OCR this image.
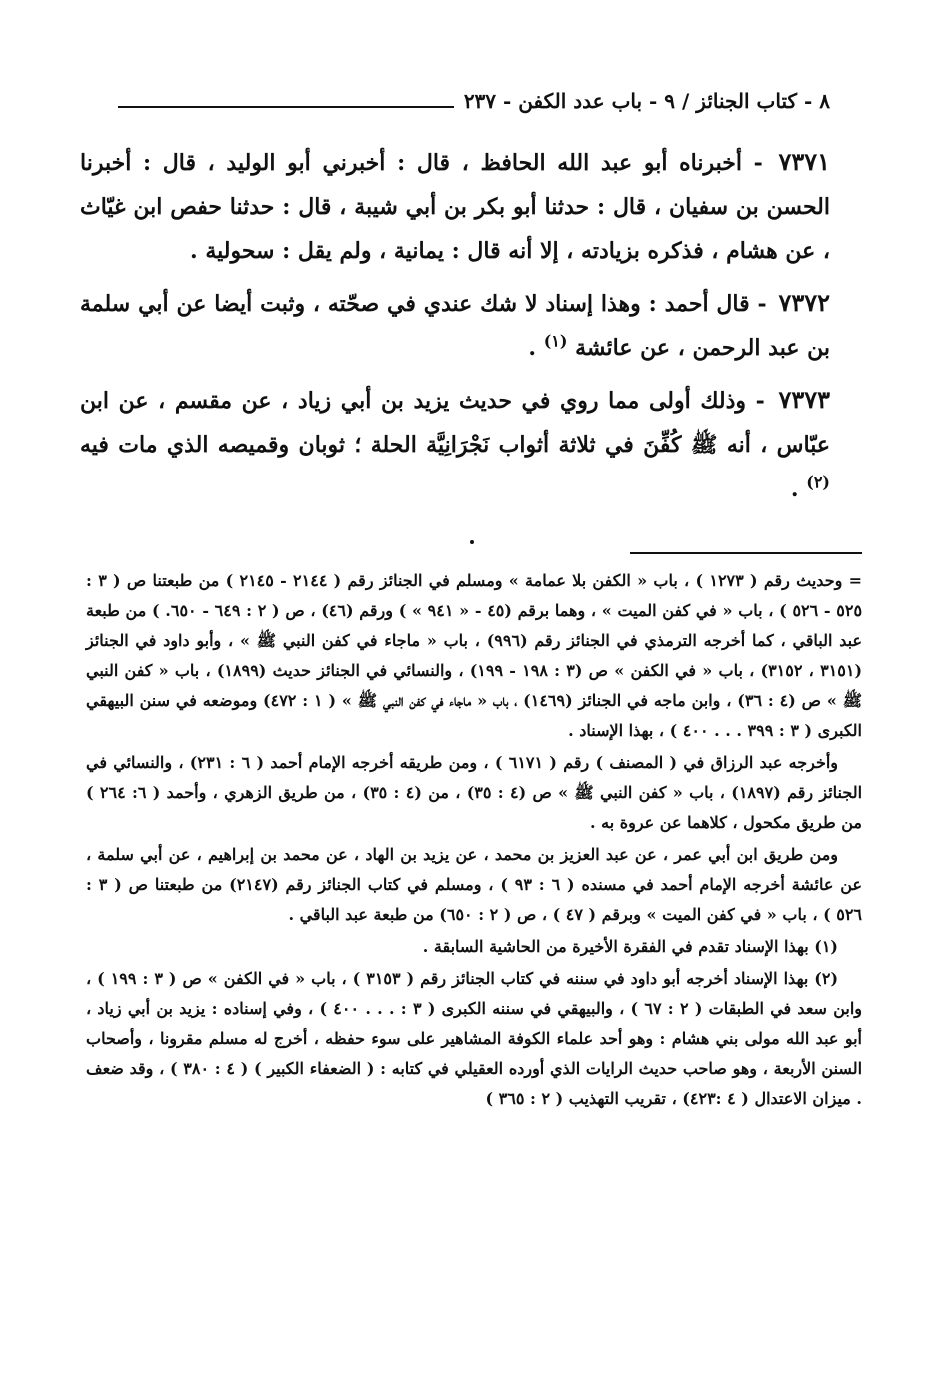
٨ - كتاب الجنائز / ٩ - باب عدد الكفن - ٢٣٧

٧٣٧١ - أخبرناه أبو عبد الله الحافظ ، قال : أخبرني أبو الوليد ، قال : أخبرنا الحسن بن سفيان ، قال : حدثنا أبو بكر بن أبي شيبة ، قال : حدثنا حفص ابن غيّاث ، عن هشام ، فذكره بزيادته ، إلا أنه قال : يمانية ، ولم يقل : سحولية .

٧٣٧٢ - قال أحمد : وهذا إسناد لا شك عندي في صحّته ، وثبت أيضا عن أبي سلمة بن عبد الرحمن ، عن عائشة $^{(١)}$ .

٧٣٧٣ - وذلك أولى مما روي في حديث يزيد بن أبي زياد ، عن مقسم ، عن ابن عبّاس ، أنه ﷺ كُفِّنَ في ثلاثة أثواب نَجْرَانِيَّة الحلة ؛ ثوبان وقميصه الذي مات فيه $^{(٢)}$ .

= وحديث رقم ( ١٢٧٣ ) ، باب « الكفن بلا عمامة » ومسلم في الجنائز رقم ( ٢١٤٤ - ٢١٤٥ ) من طبعتنا ص ( ٣ : ٥٢٥ - ٥٢٦ ) ، باب « في كفن الميت » ، وهما برقم (٤٥ - « ٩٤١ » ) ورقم (٤٦) ، ص ( ٢ : ٦٤٩ - ٦٥٠. ) من طبعة عبد الباقي ، كما أخرجه الترمذي في الجنائز رقم (٩٩٦) ، باب « ماجاء في كفن النبي ﷺ » ، وأبو داود في الجنائز (٣١٥١ ، ٣١٥٢) ، باب « في الكفن » ص (٣ : ١٩٨ - ١٩٩) ، والنسائي في الجنائز حديث (١٨٩٩) ، باب « كفن النبي ﷺ » ص (٤ : ٣٦) ، وابن ماجه في الجنائز (١٤٦٩) ، باب « ماجاء في كفن النبي ﷺ » ( ١ : ٤٧٢) وموضعه في سنن البيهقي الكبرى ( ٣ : ٣٩٩ . . . ٤٠٠ ) ، بهذا الإسناد .

وأخرجه عبد الرزاق في ( المصنف ) رقم ( ٦١٧١ ) ، ومن طريقه أخرجه الإمام أحمد ( ٦ : ٢٣١) ، والنسائي في الجنائز رقم (١٨٩٧) ، باب « كفن النبي ﷺ » ص (٤ : ٣٥) ، من (٤ : ٣٥) ، من طريق الزهري ، وأحمد ( ٦: ٢٦٤ ) من طريق مكحول ، كلاهما عن عروة به .

ومن طريق ابن أبي عمر ، عن عبد العزيز بن محمد ، عن يزيد بن الهاد ، عن محمد بن إبراهيم ، عن أبي سلمة ، عن عائشة أخرجه الإمام أحمد في مسنده ( ٦ : ٩٣ ) ، ومسلم في كتاب الجنائز رقم (٢١٤٧) من طبعتنا ص ( ٣ : ٥٢٦ ) ، باب « في كفن الميت » وبرقم ( ٤٧ ) ، ص ( ٢ : ٦٥٠) من طبعة عبد الباقي .

(١) بهذا الإسناد تقدم في الفقرة الأخيرة من الحاشية السابقة .

(٢) بهذا الإسناد أخرجه أبو داود في سننه في كتاب الجنائز رقم ( ٣١٥٣ ) ، باب « في الكفن » ص ( ٣ : ١٩٩ ) ، وابن سعد في الطبقات ( ٢ : ٦٧ ) ، والبيهقي في سننه الكبرى ( ٣ : . . . ٤٠٠ ) ، وفي إسناده : يزيد بن أبي زياد ، أبو عبد الله مولى بني هشام : وهو أحد علماء الكوفة المشاهير على سوء حفظه ، أخرج له مسلم مقرونا ، وأصحاب السنن الأربعة ، وهو صاحب حديث الرايات الذي أورده العقيلي في كتابه : ( الضعفاء الكبير ) ( ٤ : ٣٨٠ ) ، وقد ضعف . ميزان الاعتدال ( ٤ :٤٢٣) ، تقريب التهذيب ( ٢ : ٣٦٥ )
